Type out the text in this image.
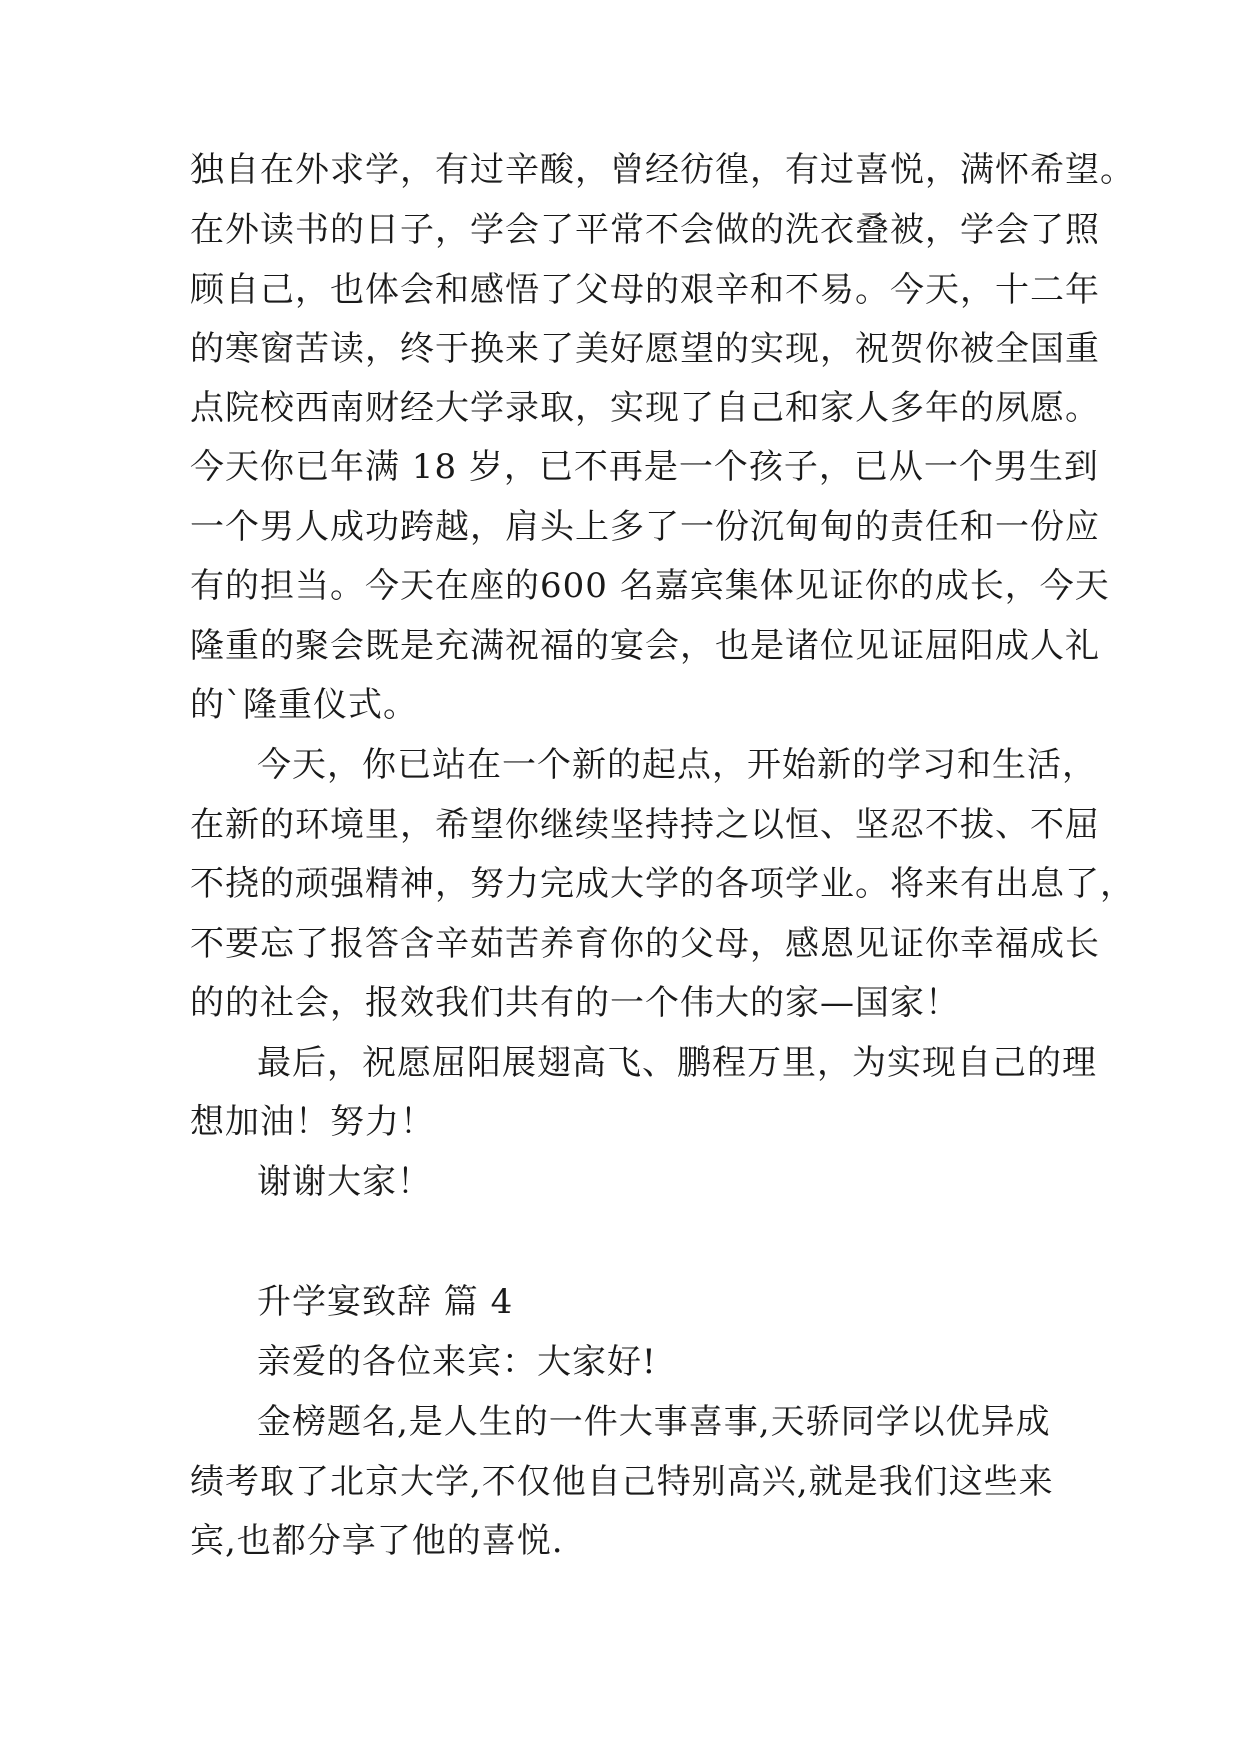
独自在外求学，有过辛酸，曾经彷徨，有过喜悦，满怀希望。
在外读书的日子，学会了平常不会做的洗衣叠被，学会了照
顾自己，也体会和感悟了父母的艰辛和不易。今天，十二年
的寒窗苦读，终于换来了美好愿望的实现，祝贺你被全国重
点院校西南财经大学录取，实现了自己和家人多年的夙愿。
今天你已年满 18 岁，已不再是一个孩子，已从一个男生到
一个男人成功跨越，肩头上多了一份沉甸甸的责任和一份应
有的担当。今天在座的600 名嘉宾集体见证你的成长，今天
隆重的聚会既是充满祝福的宴会，也是诸位见证屈阳成人礼
的`隆重仪式。
今天，你已站在一个新的起点，开始新的学习和生活，
在新的环境里，希望你继续坚持持之以恒、坚忍不拔、不屈
不挠的顽强精神，努力完成大学的各项学业。将来有出息了，
不要忘了报答含辛茹苦养育你的父母，感恩见证你幸福成长
的的社会，报效我们共有的一个伟大的家—国家！
最后，祝愿屈阳展翅高飞、鹏程万里，为实现自己的理
想加油！努力！
谢谢大家！
升学宴致辞 篇 4
亲爱的各位来宾：大家好!
金榜题名,是人生的一件大事喜事,天骄同学以优异成
绩考取了北京大学,不仅他自己特别高兴,就是我们这些来
宾,也都分享了他的喜悦.
